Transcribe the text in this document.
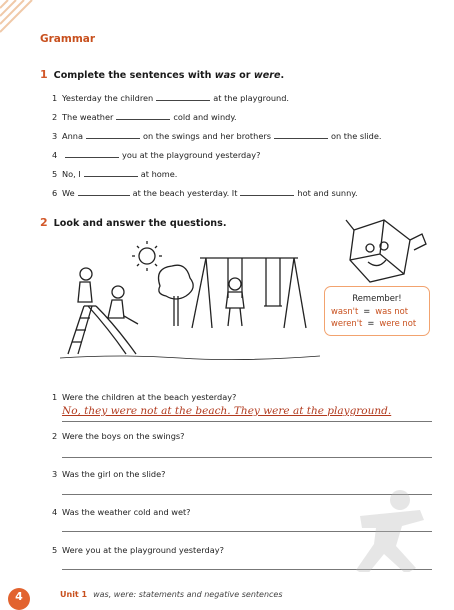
Grammar
1 Complete the sentences with was or were.
1 Yesterday the children	at the playground.
2 The weather	cold and windy.
3 Anna	on the swings and her brothers	on the slide.
4	you at the playground yesterday?
5 No, I	at home.
6 We	at the beach yesterday. It	hot and sunny.
2 Look and answer the questions.
Remember!
wasn't = was not
weren't = were not
1 Were the children at the beach yesterday?
No, they were not at the beach. They were at the playground.
2 Were the boys on the swings?
3 Was the girl on the slide?
4 Was the weather cold and wet?
5 Were you at the playground yesterday?
4	Unit 1 was, were: statements and negative sentences
